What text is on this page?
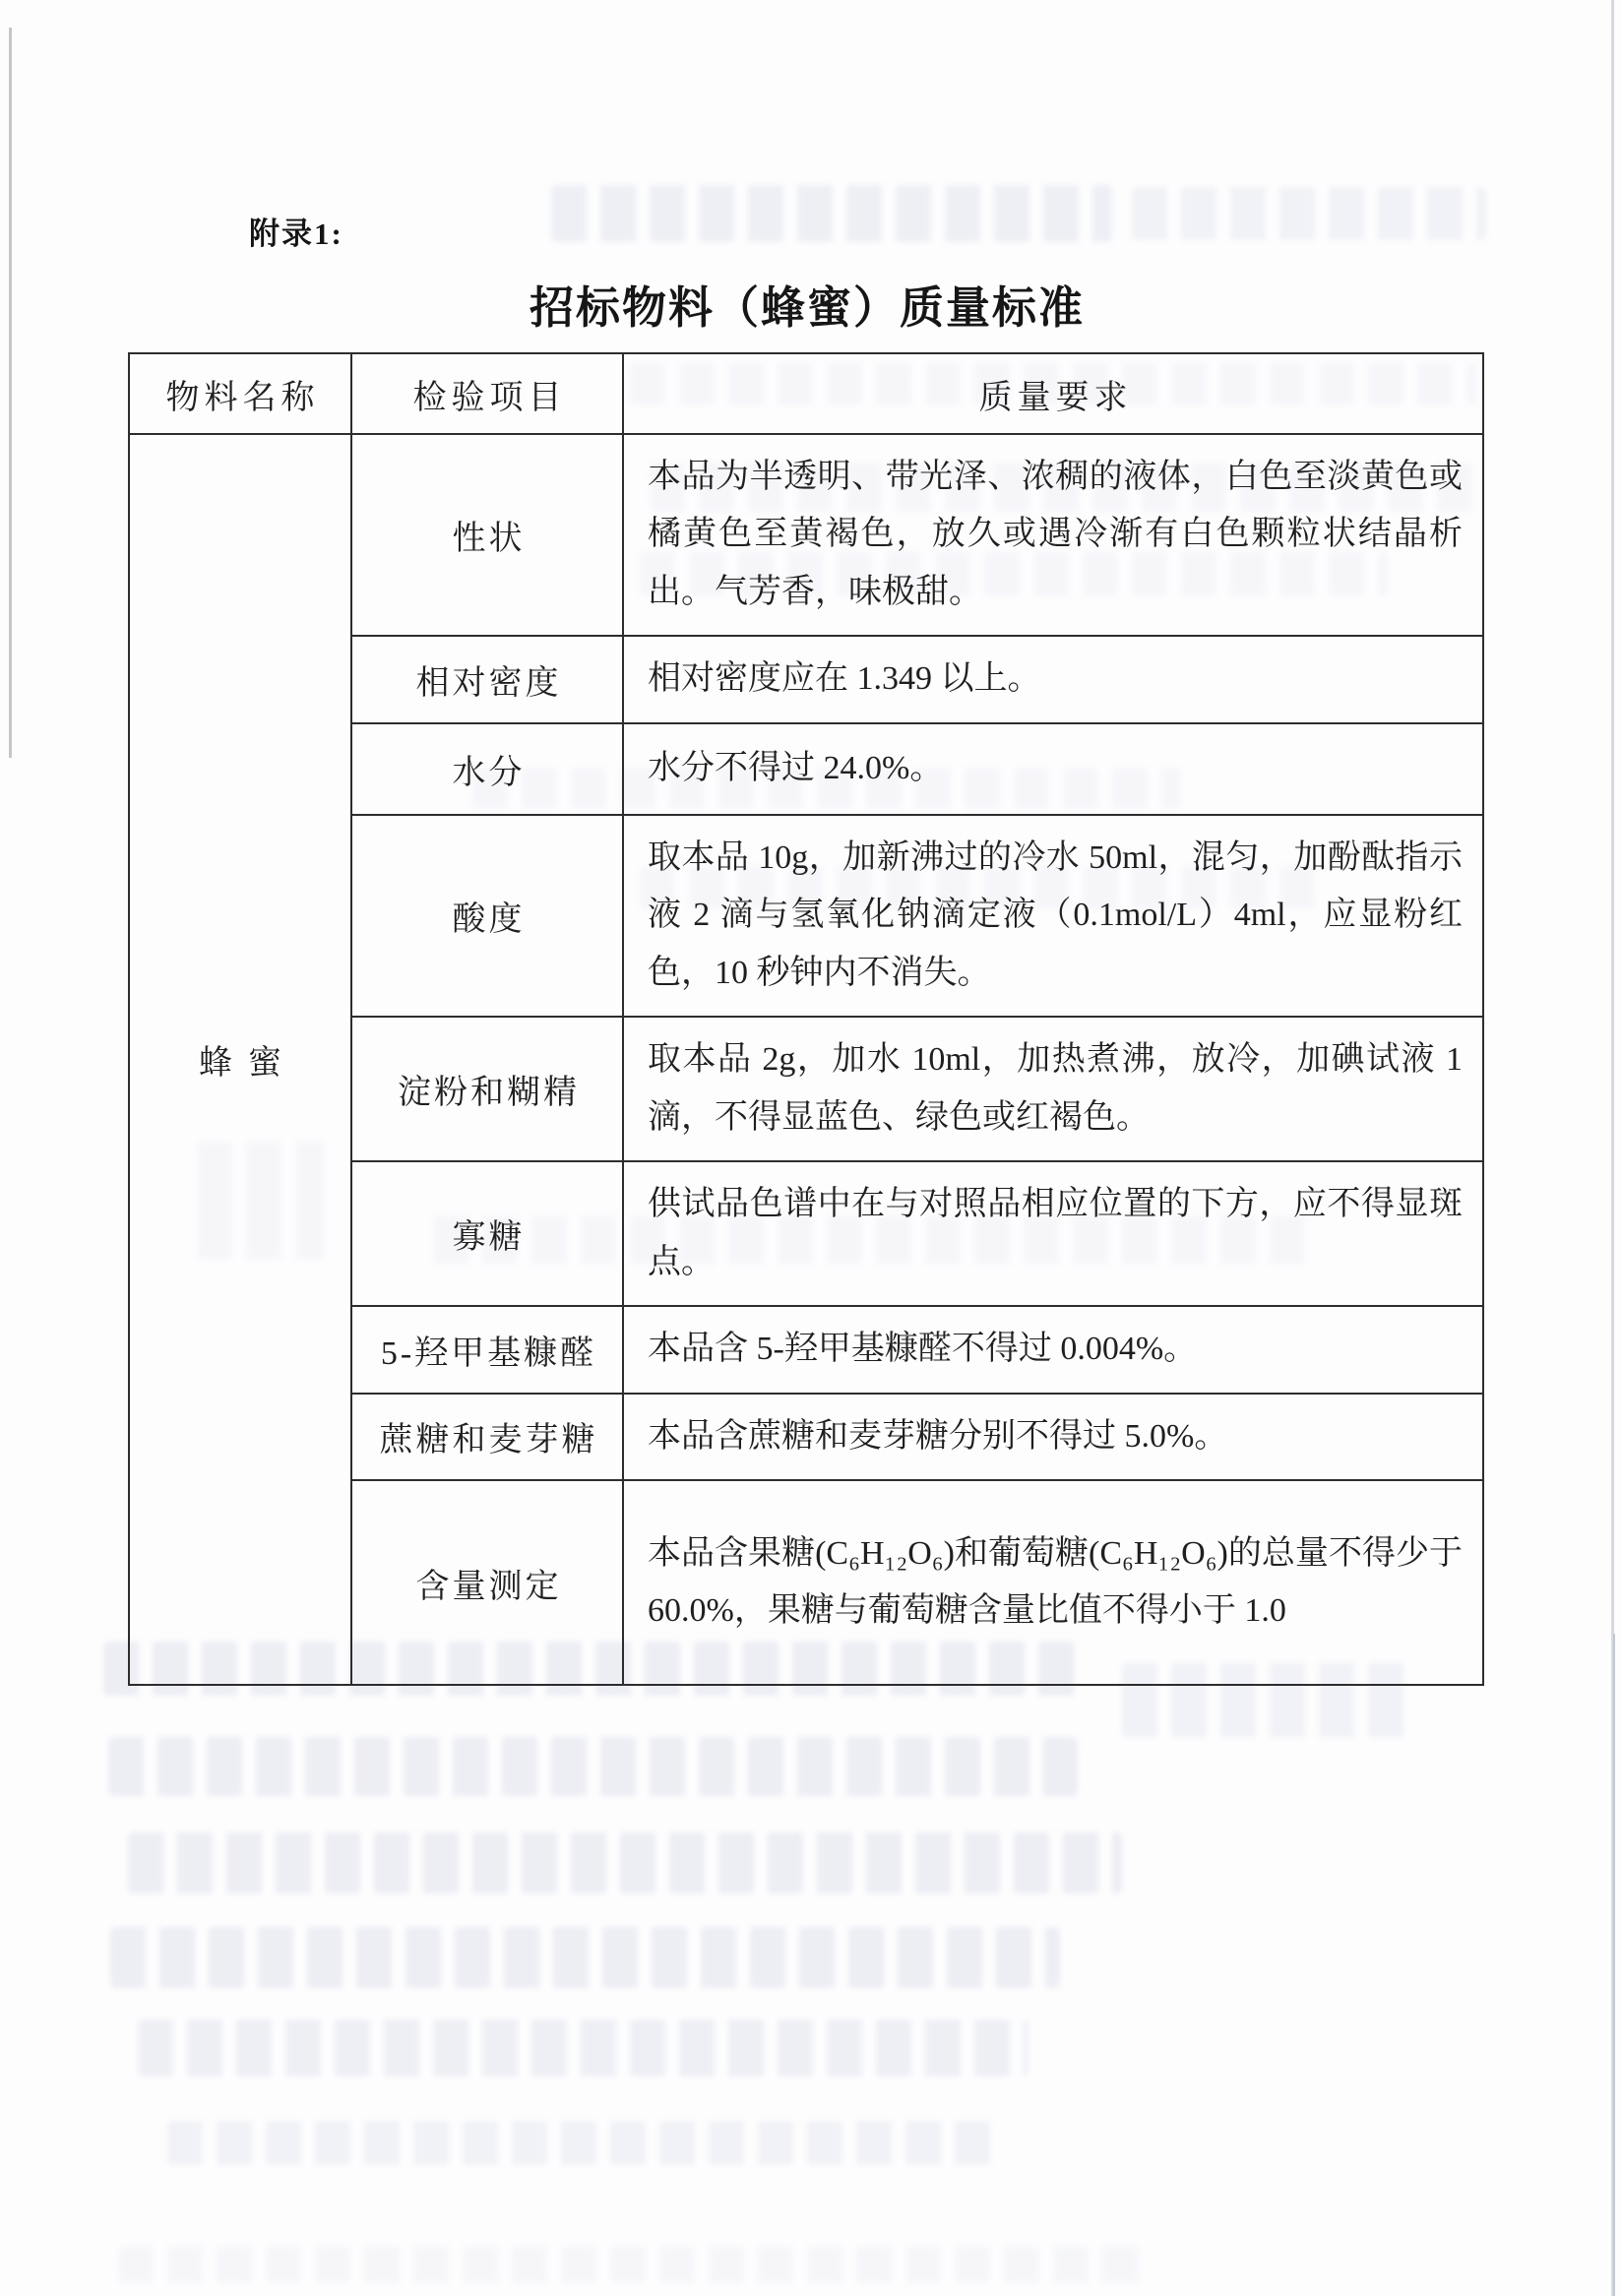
附录1:
招标物料（蜂蜜）质量标准
物料名称	检验项目	质量要求
蜂蜜	性状	本品为半透明、带光泽、浓稠的液体，白色至淡黄色或橘黄色至黄褐色，放久或遇冷渐有白色颗粒状结晶析出。气芳香，味极甜。
	相对密度	相对密度应在 1.349 以上。
	水分	水分不得过 24.0%。
	酸度	取本品 10g，加新沸过的冷水 50ml，混匀，加酚酞指示液 2 滴与氢氧化钠滴定液（0.1mol/L）4ml，应显粉红色，10 秒钟内不消失。
	淀粉和糊精	取本品 2g，加水 10ml，加热煮沸，放冷，加碘试液 1 滴，不得显蓝色、绿色或红褐色。
	寡糖	供试品色谱中在与对照品相应位置的下方，应不得显斑点。
	5-羟甲基糠醛	本品含 5-羟甲基糠醛不得过 0.004%。
	蔗糖和麦芽糖	本品含蔗糖和麦芽糖分别不得过 5.0%。
	含量测定	本品含果糖(C₆H₁₂O₆)和葡萄糖(C₆H₁₂O₆)的总量不得少于 60.0%，果糖与葡萄糖含量比值不得小于 1.0
